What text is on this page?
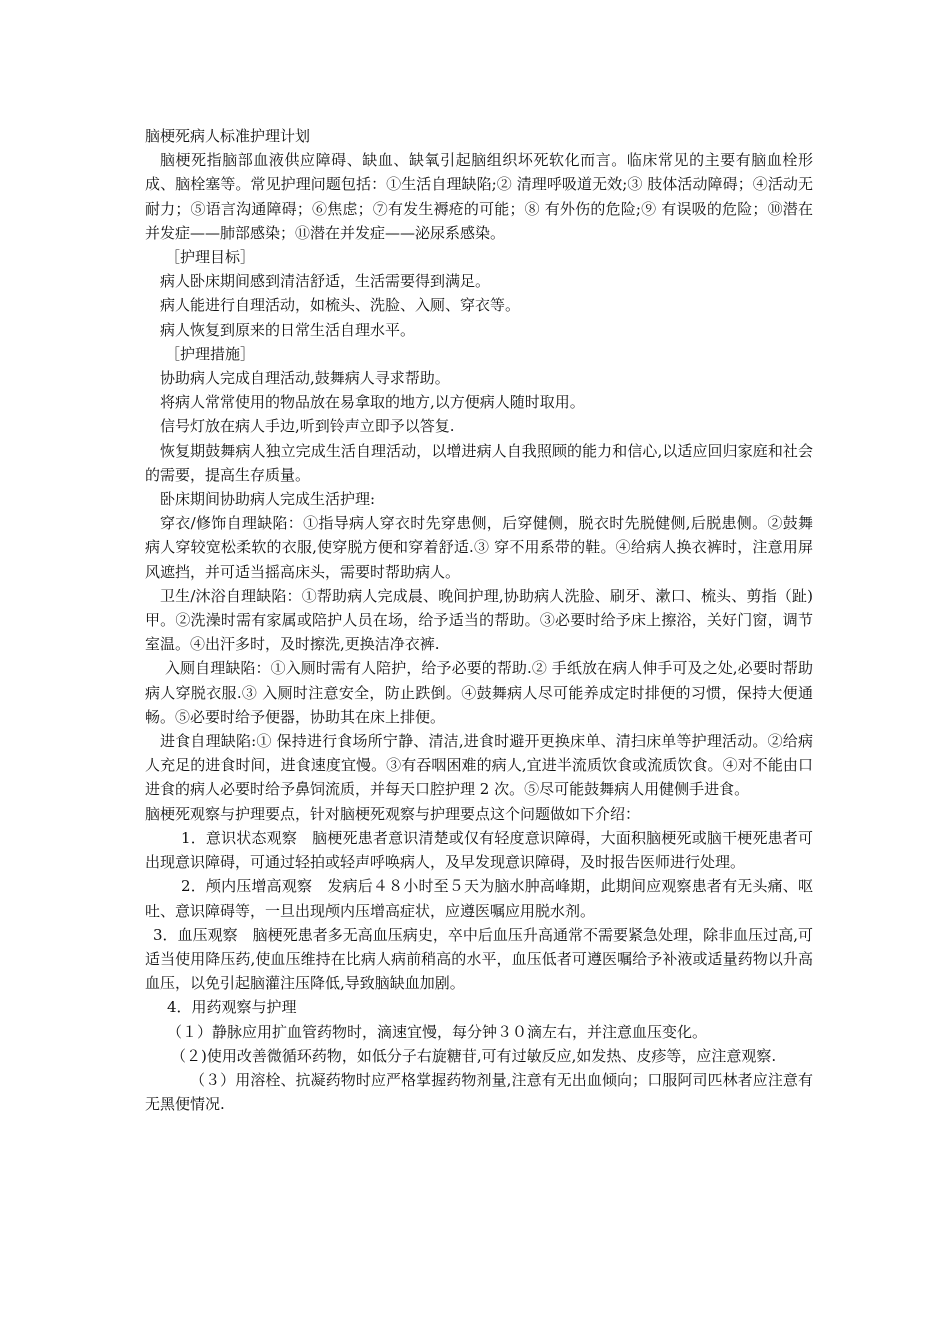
脑梗死病人标准护理计划

脑梗死指脑部血液供应障碍、缺血、缺氧引起脑组织坏死软化而言。临床常见的主要有脑血栓形成、脑栓塞等。常见护理问题包括：①生活自理缺陷;② 清理呼吸道无效;③ 肢体活动障碍；④活动无耐力；⑤语言沟通障碍；⑥焦虑；⑦有发生褥疮的可能；⑧ 有外伤的危险;⑨ 有误吸的危险；⑩潜在并发症——肺部感染；⑪潜在并发症——泌尿系感染。

［护理目标］

病人卧床期间感到清洁舒适，生活需要得到满足。

病人能进行自理活动，如梳头、洗脸、入厕、穿衣等。

病人恢复到原来的日常生活自理水平。

［护理措施］

协助病人完成自理活动,鼓舞病人寻求帮助。

将病人常常使用的物品放在易拿取的地方,以方便病人随时取用。

信号灯放在病人手边,听到铃声立即予以答复.

恢复期鼓舞病人独立完成生活自理活动，以增进病人自我照顾的能力和信心,以适应回归家庭和社会的需要，提高生存质量。

卧床期间协助病人完成生活护理:

穿衣/修饰自理缺陷：①指导病人穿衣时先穿患侧，后穿健侧，脱衣时先脱健侧,后脱患侧。②鼓舞病人穿较宽松柔软的衣服,使穿脱方便和穿着舒适.③ 穿不用系带的鞋。④给病人换衣裤时，注意用屏风遮挡，并可适当摇高床头，需要时帮助病人。

卫生/沐浴自理缺陷：①帮助病人完成晨、晚间护理,协助病人洗脸、刷牙、漱口、梳头、剪指（趾)甲。②洗澡时需有家属或陪护人员在场，给予适当的帮助。③必要时给予床上擦浴，关好门窗，调节室温。④出汗多时，及时擦洗,更换洁净衣裤.

入厕自理缺陷：①入厕时需有人陪护，给予必要的帮助.② 手纸放在病人伸手可及之处,必要时帮助病人穿脱衣服.③ 入厕时注意安全，防止跌倒。④鼓舞病人尽可能养成定时排便的习惯，保持大便通畅。⑤必要时给予便器，协助其在床上排便。

进食自理缺陷:① 保持进行食场所宁静、清洁,进食时避开更换床单、清扫床单等护理活动。②给病人充足的进食时间，进食速度宜慢。③有吞咽困难的病人,宜进半流质饮食或流质饮食。④对不能由口进食的病人必要时给予鼻饲流质，并每天口腔护理 2 次。⑤尽可能鼓舞病人用健侧手进食。

脑梗死观察与护理要点，针对脑梗死观察与护理要点这个问题做如下介绍：

1．意识状态观察　脑梗死患者意识清楚或仅有轻度意识障碍，大面积脑梗死或脑干梗死患者可出现意识障碍，可通过轻拍或轻声呼唤病人，及早发现意识障碍，及时报告医师进行处理。

2．颅内压增高观察　发病后４８小时至５天为脑水肿高峰期，此期间应观察患者有无头痛、呕吐、意识障碍等，一旦出现颅内压增高症状，应遵医嘱应用脱水剂。

3．血压观察　脑梗死患者多无高血压病史，卒中后血压升高通常不需要紧急处理，除非血压过高,可适当使用降压药,使血压维持在比病人病前稍高的水平，血压低者可遵医嘱给予补液或适量药物以升高血压，以免引起脑灌注压降低,导致脑缺血加剧。

4．用药观察与护理

（１）静脉应用扩血管药物时，滴速宜慢，每分钟３０滴左右，并注意血压变化。

（２)使用改善微循环药物，如低分子右旋糖苷,可有过敏反应,如发热、皮疹等，应注意观察.

（３）用溶栓、抗凝药物时应严格掌握药物剂量,注意有无出血倾向；口服阿司匹林者应注意有无黑便情况.
